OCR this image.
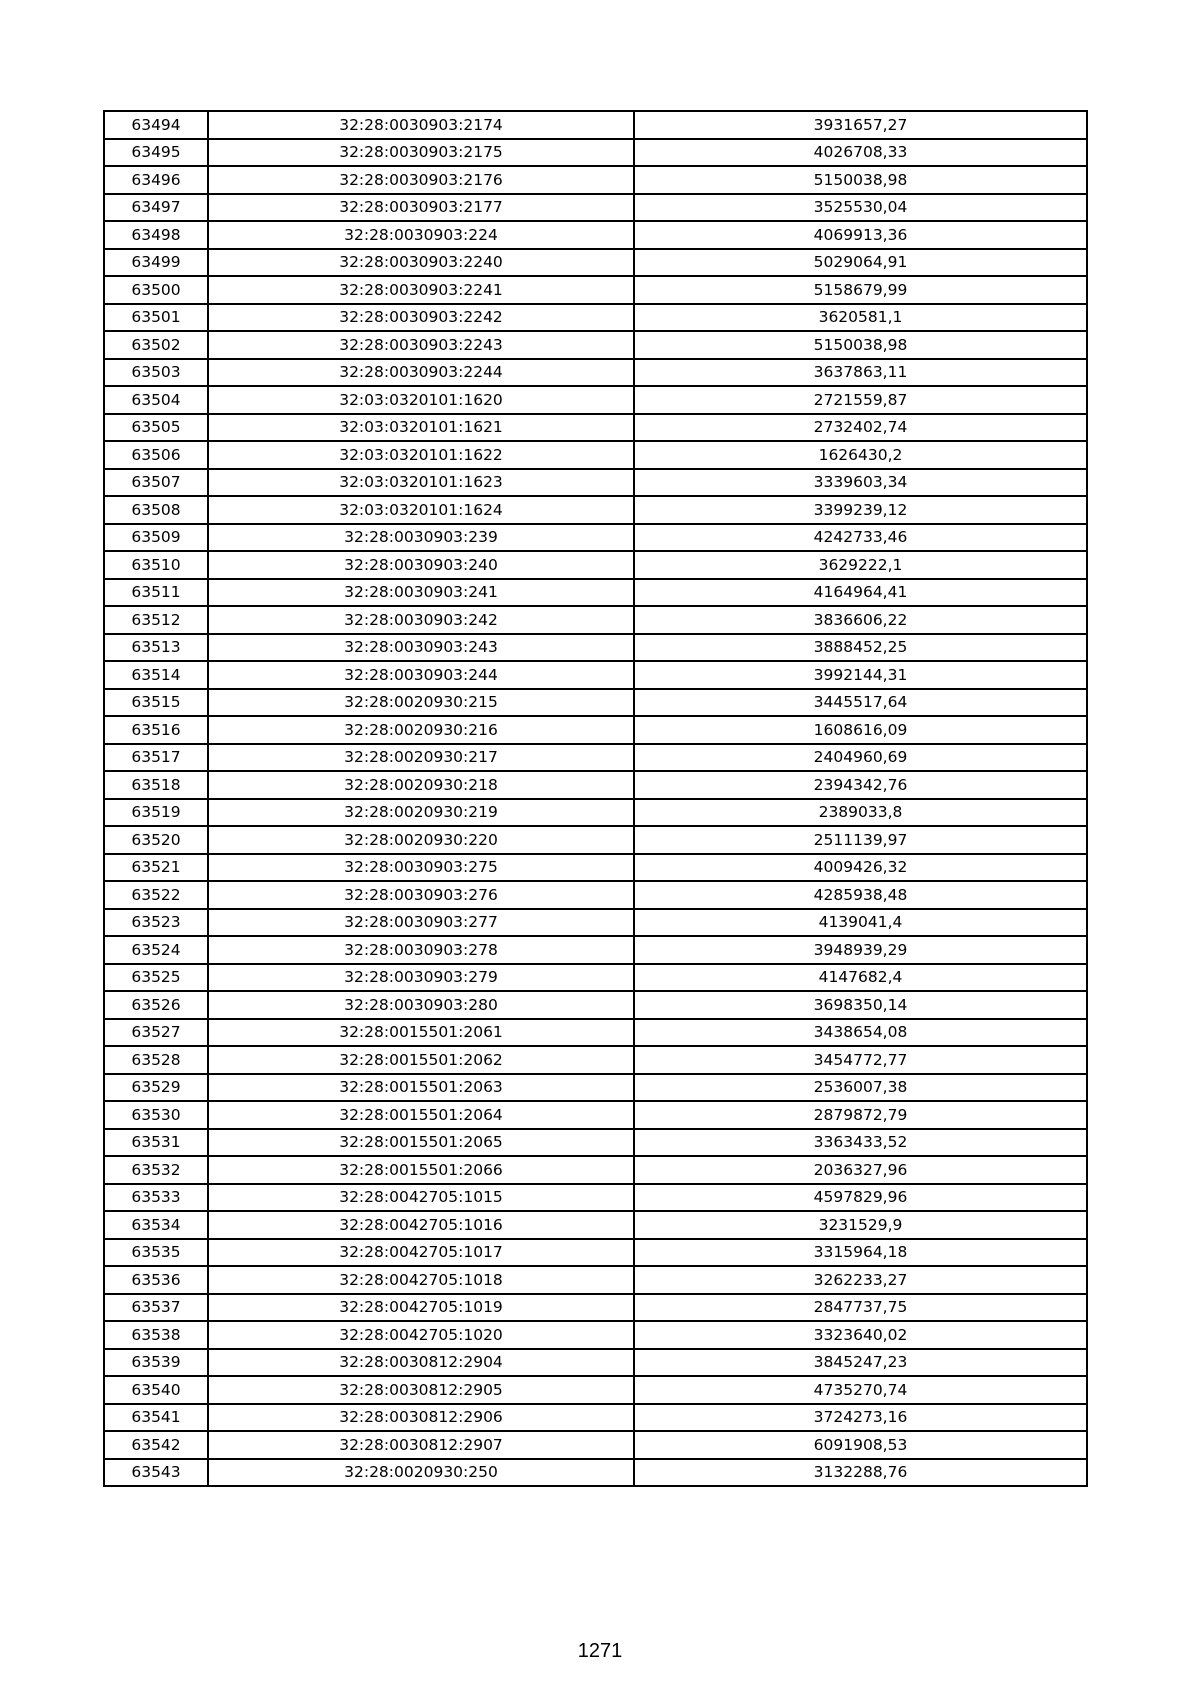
63494	32:28:0030903:2174	3931657,27
63495	32:28:0030903:2175	4026708,33
63496	32:28:0030903:2176	5150038,98
63497	32:28:0030903:2177	3525530,04
63498	32:28:0030903:224	4069913,36
63499	32:28:0030903:2240	5029064,91
63500	32:28:0030903:2241	5158679,99
63501	32:28:0030903:2242	3620581,1
63502	32:28:0030903:2243	5150038,98
63503	32:28:0030903:2244	3637863,11
63504	32:03:0320101:1620	2721559,87
63505	32:03:0320101:1621	2732402,74
63506	32:03:0320101:1622	1626430,2
63507	32:03:0320101:1623	3339603,34
63508	32:03:0320101:1624	3399239,12
63509	32:28:0030903:239	4242733,46
63510	32:28:0030903:240	3629222,1
63511	32:28:0030903:241	4164964,41
63512	32:28:0030903:242	3836606,22
63513	32:28:0030903:243	3888452,25
63514	32:28:0030903:244	3992144,31
63515	32:28:0020930:215	3445517,64
63516	32:28:0020930:216	1608616,09
63517	32:28:0020930:217	2404960,69
63518	32:28:0020930:218	2394342,76
63519	32:28:0020930:219	2389033,8
63520	32:28:0020930:220	2511139,97
63521	32:28:0030903:275	4009426,32
63522	32:28:0030903:276	4285938,48
63523	32:28:0030903:277	4139041,4
63524	32:28:0030903:278	3948939,29
63525	32:28:0030903:279	4147682,4
63526	32:28:0030903:280	3698350,14
63527	32:28:0015501:2061	3438654,08
63528	32:28:0015501:2062	3454772,77
63529	32:28:0015501:2063	2536007,38
63530	32:28:0015501:2064	2879872,79
63531	32:28:0015501:2065	3363433,52
63532	32:28:0015501:2066	2036327,96
63533	32:28:0042705:1015	4597829,96
63534	32:28:0042705:1016	3231529,9
63535	32:28:0042705:1017	3315964,18
63536	32:28:0042705:1018	3262233,27
63537	32:28:0042705:1019	2847737,75
63538	32:28:0042705:1020	3323640,02
63539	32:28:0030812:2904	3845247,23
63540	32:28:0030812:2905	4735270,74
63541	32:28:0030812:2906	3724273,16
63542	32:28:0030812:2907	6091908,53
63543	32:28:0020930:250	3132288,76
1271
